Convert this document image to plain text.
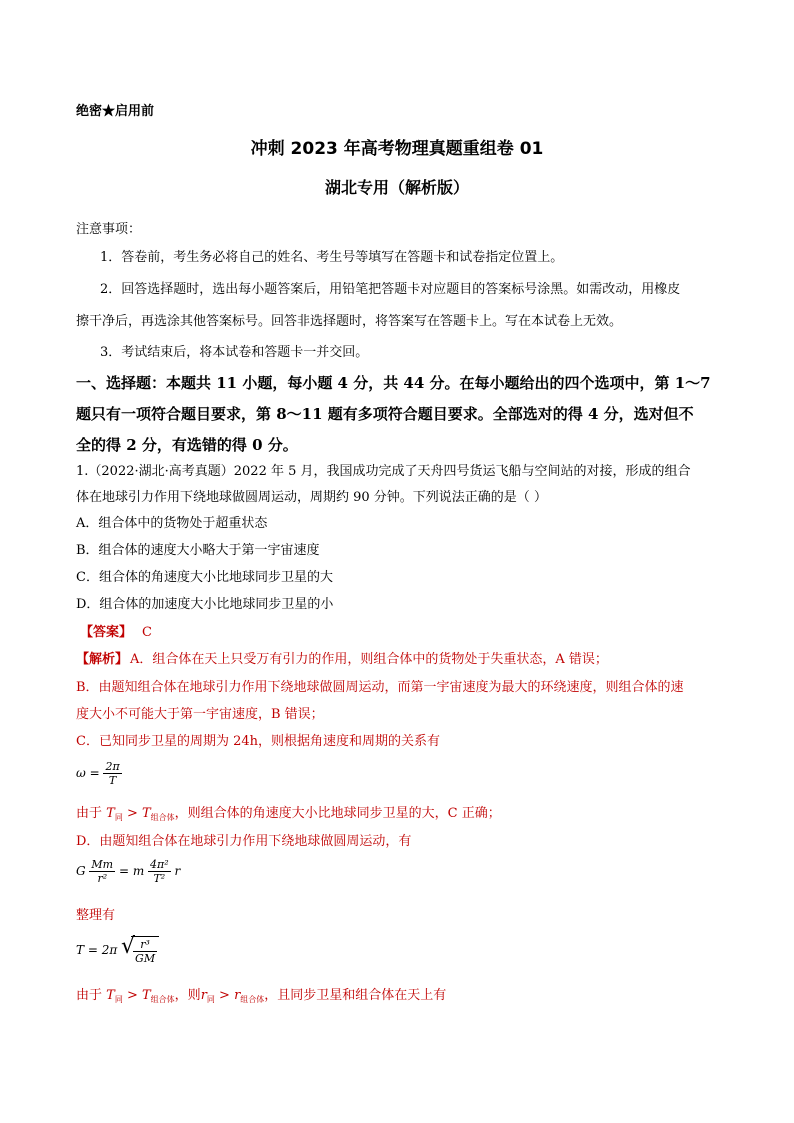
绝密★启用前
冲刺 2023 年高考物理真题重组卷 01
湖北专用（解析版）
注意事项：
1．答卷前，考生务必将自己的姓名、考生号等填写在答题卡和试卷指定位置上。
2．回答选择题时，选出每小题答案后，用铅笔把答题卡对应题目的答案标号涂黑。如需改动，用橡皮
擦干净后，再选涂其他答案标号。回答非选择题时，将答案写在答题卡上。写在本试卷上无效。
3．考试结束后，将本试卷和答题卡一并交回。
一、选择题：本题共 11 小题，每小题 4 分，共 44 分。在每小题给出的四个选项中，第 1～7
题只有一项符合题目要求，第 8～11 题有多项符合题目要求。全部选对的得 4 分，选对但不
全的得 2 分，有选错的得 0 分。
1.（2022·湖北·高考真题）2022 年 5 月，我国成功完成了天舟四号货运飞船与空间站的对接，形成的组合
体在地球引力作用下绕地球做圆周运动，周期约 90 分钟。下列说法正确的是（ ）
A．组合体中的货物处于超重状态
B．组合体的速度大小略大于第一宇宙速度
C．组合体的角速度大小比地球同步卫星的大
D．组合体的加速度大小比地球同步卫星的小
【答案】 C
【解析】 A．组合体在天上只受万有引力的作用，则组合体中的货物处于失重状态，A 错误；
B．由题知组合体在地球引力作用下绕地球做圆周运动，而第一宇宙速度为最大的环绕速度，则组合体的速
度大小不可能大于第一宇宙速度，B 错误；
C．已知同步卫星的周期为 24h，则根据角速度和周期的关系有
$\omega = \frac{2\pi}{T}$
由于 $T_同 > T_{组合体}$，则组合体的角速度大小比地球同步卫星的大，C 正确；
D．由题知组合体在地球引力作用下绕地球做圆周运动，有
G $\frac{Mm}{\text{r²}} = m \frac{\text{4π²}}{\text{T²}}$ r
整理有
T = 2π
√ $\frac{\text{r³}}{GM}$
由于 $T_同 > T_{组合体}$，则$r_同 > r_{组合体}$，且同步卫星和组合体在天上有
